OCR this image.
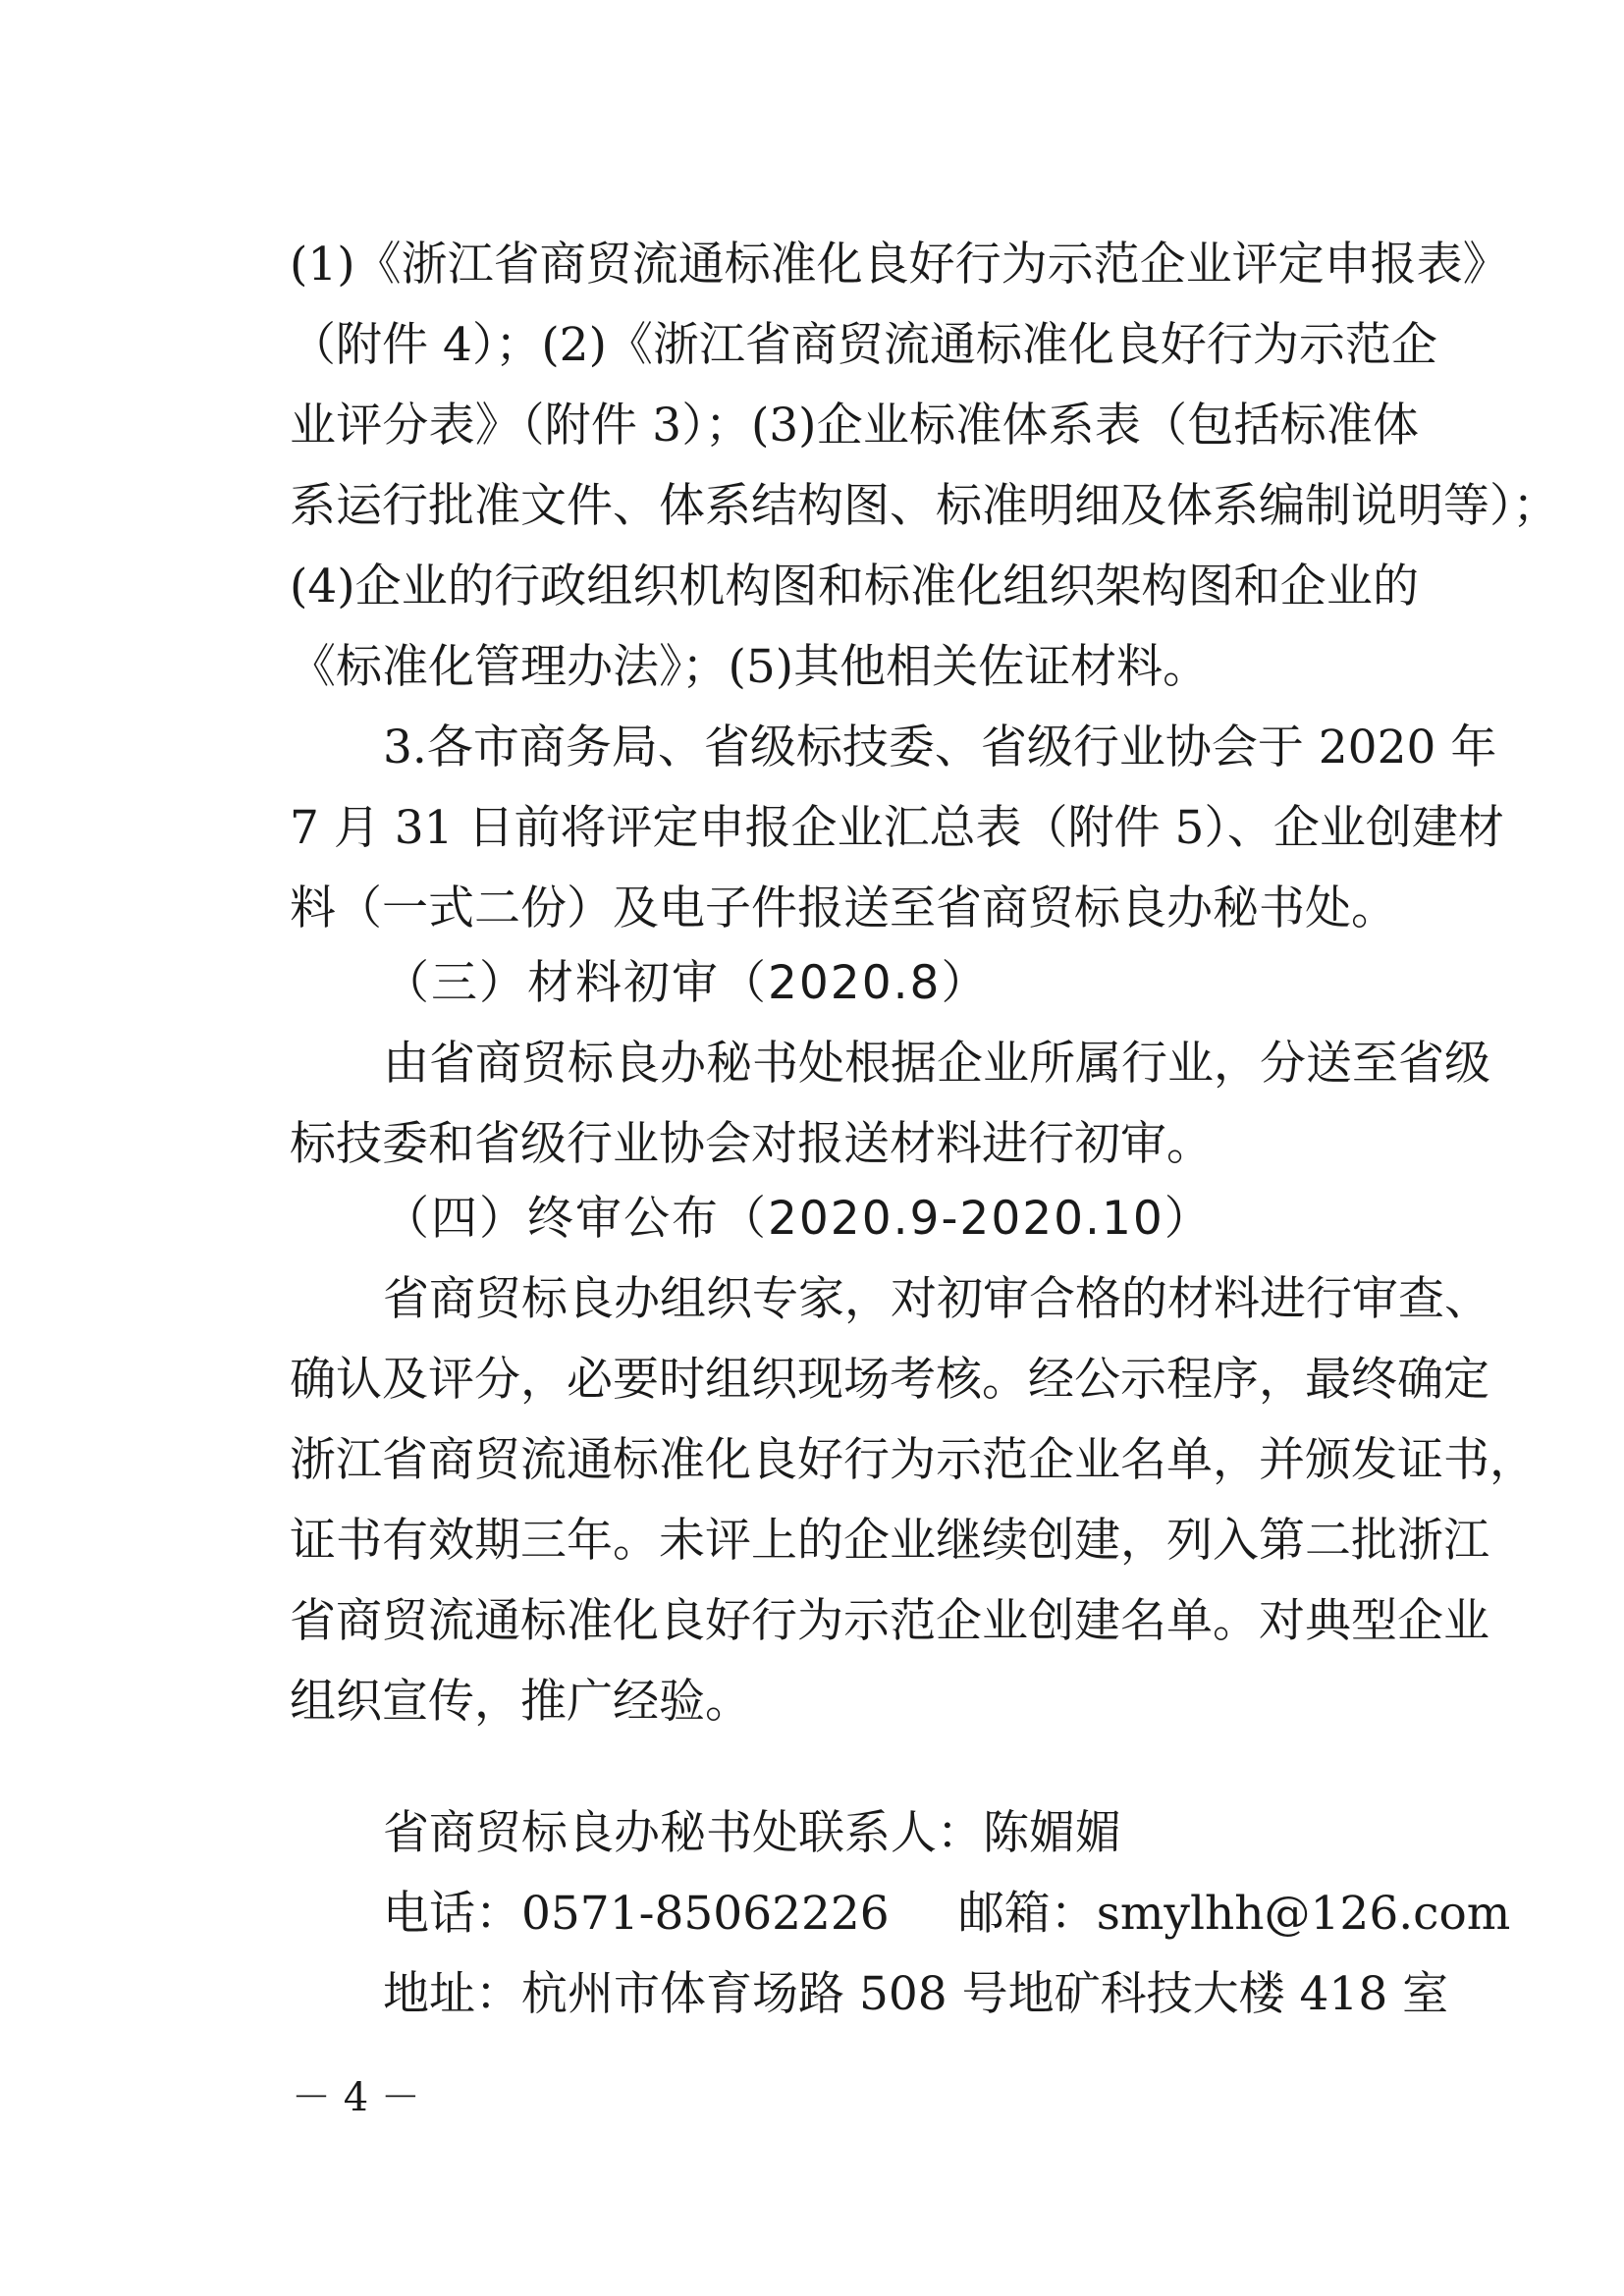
(1)《浙江省商贸流通标准化良好行为示范企业评定申报表》
（附件 4）；(2)《浙江省商贸流通标准化良好行为示范企
业评分表》（附件 3）；(3)企业标准体系表（包括标准体
系运行批准文件、体系结构图、标准明细及体系编制说明等）；
(4)企业的行政组织机构图和标准化组织架构图和企业的
《标准化管理办法》；(5)其他相关佐证材料。
3.各市商务局、省级标技委、省级行业协会于 2020 年
7 月 31 日前将评定申报企业汇总表（附件 5）、企业创建材
料（一式二份）及电子件报送至省商贸标良办秘书处。
（三）材料初审（2020.8）
由省商贸标良办秘书处根据企业所属行业，分送至省级
标技委和省级行业协会对报送材料进行初审。
（四）终审公布（2020.9-2020.10）
省商贸标良办组织专家，对初审合格的材料进行审查、
确认及评分，必要时组织现场考核。经公示程序，最终确定
浙江省商贸流通标准化良好行为示范企业名单，并颁发证书，
证书有效期三年。未评上的企业继续创建，列入第二批浙江
省商贸流通标准化良好行为示范企业创建名单。对典型企业
组织宣传，推广经验。
省商贸标良办秘书处联系人：陈媚媚
电话：0571-85062226 邮箱：smylhh@126.com
地址：杭州市体育场路 508 号地矿科技大楼 418 室
－ 4 －
